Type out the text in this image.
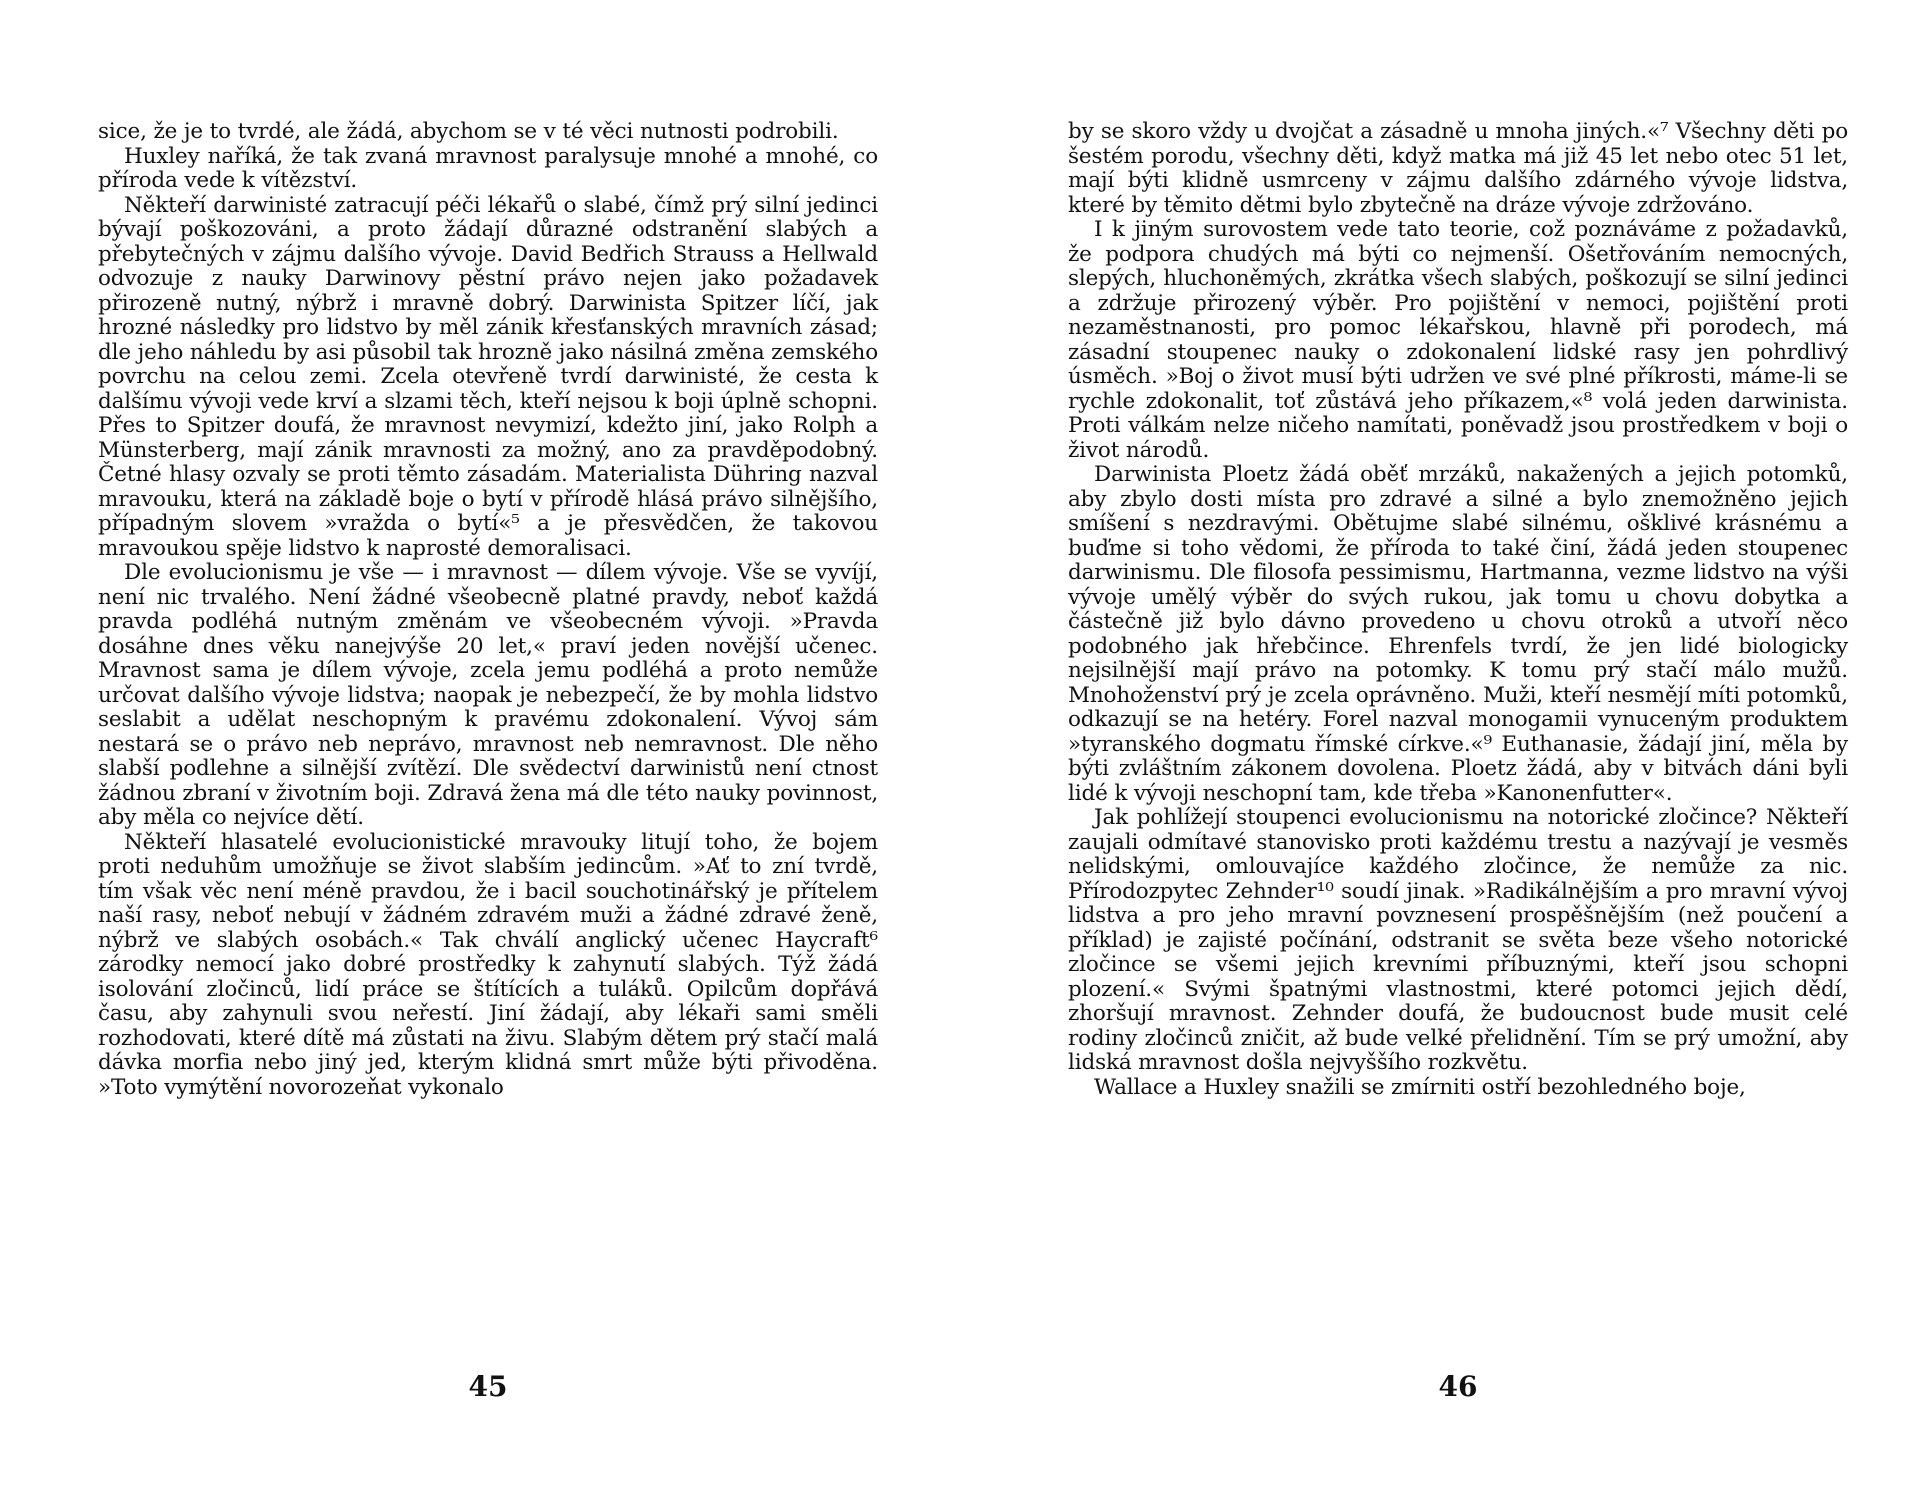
sice, že je to tvrdé, ale žádá, abychom se v té věci nutnosti podrobili.

Huxley naříká, že tak zvaná mravnost paralysuje mnohé a mnohé, co příroda vede k vítězství.

Někteří darwinisté zatracují péči lékařů o slabé, čímž prý silní jedinci bývají poškozováni, a proto žádají důrazné odstranění slabých a přebytečných v zájmu dalšího vývoje. David Bedřich Strauss a Hellwald odvozuje z nauky Darwinovy pěstní právo nejen jako požadavek přirozeně nutný, nýbrž i mravně dobrý. Darwinista Spitzer líčí, jak hrozné následky pro lidstvo by měl zánik křesťanských mravních zásad; dle jeho náhledu by asi působil tak hrozně jako násilná změna zemského povrchu na celou zemi. Zcela otevřeně tvrdí darwinisté, že cesta k dalšímu vývoji vede krví a slzami těch, kteří nejsou k boji úplně schopni. Přes to Spitzer doufá, že mravnost nevymizí, kdežto jiní, jako Rolph a Münsterberg, mají zánik mravnosti za možný, ano za pravděpodobný. Četné hlasy ozvaly se proti těmto zásadám. Materialista Dühring nazval mravouku, která na základě boje o bytí v přírodě hlásá právo silnějšího, případným slovem »vražda o bytí«⁵ a je přesvědčen, že takovou mravoukou spěje lidstvo k naprosté demoralisaci.

Dle evolucionismu je vše — i mravnost — dílem vývoje. Vše se vyvíjí, není nic trvalého. Není žádné všeobecně platné pravdy, neboť každá pravda podléhá nutným změnám ve všeobecném vývoji. »Pravda dosáhne dnes věku nanejvýše 20 let,« praví jeden novější učenec. Mravnost sama je dílem vývoje, zcela jemu podléhá a proto nemůže určovat dalšího vývoje lidstva; naopak je nebezpečí, že by mohla lidstvo seslabit a udělat neschopným k pravému zdokonalení. Vývoj sám nestará se o právo neb neprávo, mravnost neb nemravnost. Dle něho slabší podlehne a silnější zvítězí. Dle svědectví darwinistů není ctnost žádnou zbraní v životním boji. Zdravá žena má dle této nauky povinnost, aby měla co nejvíce dětí.

Někteří hlasatelé evolucionistické mravouky litují toho, že bojem proti neduhům umožňuje se život slabším jedincům. »Ať to zní tvrdě, tím však věc není méně pravdou, že i bacil souchotinářský je přítelem naší rasy, neboť nebují v žádném zdravém muži a žádné zdravé ženě, nýbrž ve slabých osobách.« Tak chválí anglický učenec Haycraft⁶ zárodky nemocí jako dobré prostředky k zahynutí slabých. Týž žádá isolování zločinců, lidí práce se štítících a tuláků. Opilcům dopřává času, aby zahynuli svou neřestí. Jiní žádají, aby lékaři sami směli rozhodovati, které dítě má zůstati na živu. Slabým dětem prý stačí malá dávka morfia nebo jiný jed, kterým klidná smrt může býti přivoděna. »Toto vymýtění novorozeňat vykonalo

45

by se skoro vždy u dvojčat a zásadně u mnoha jiných.«⁷ Všechny děti po šestém porodu, všechny děti, když matka má již 45 let nebo otec 51 let, mají býti klidně usmrceny v zájmu dalšího zdárného vývoje lidstva, které by těmito dětmi bylo zbytečně na dráze vývoje zdržováno.

I k jiným surovostem vede tato teorie, což poznáváme z požadavků, že podpora chudých má býti co nejmenší. Ošetřováním nemocných, slepých, hluchoněmých, zkrátka všech slabých, poškozují se silní jedinci a zdržuje přirozený výběr. Pro pojištění v nemoci, pojištění proti nezaměstnanosti, pro pomoc lékařskou, hlavně při porodech, má zásadní stoupenec nauky o zdokonalení lidské rasy jen pohrdlivý úsměch. »Boj o život musí býti udržen ve své plné příkrosti, máme-li se rychle zdokonalit, toť zůstává jeho příkazem,«⁸ volá jeden darwinista. Proti válkám nelze ničeho namítati, poněvadž jsou prostředkem v boji o život národů.

Darwinista Ploetz žádá oběť mrzáků, nakažených a jejich potomků, aby zbylo dosti místa pro zdravé a silné a bylo znemožněno jejich smíšení s nezdravými. Obětujme slabé silnému, ošklivé krásnému a buďme si toho vědomi, že příroda to také činí, žádá jeden stoupenec darwinismu. Dle filosofa pessimismu, Hartmanna, vezme lidstvo na výši vývoje umělý výběr do svých rukou, jak tomu u chovu dobytka a částečně již bylo dávno provedeno u chovu otroků a utvoří něco podobného jak hřebčince. Ehrenfels tvrdí, že jen lidé biologicky nejsilnější mají právo na potomky. K tomu prý stačí málo mužů. Mnohoženství prý je zcela oprávněno. Muži, kteří nesmějí míti potomků, odkazují se na hetéry. Forel nazval monogamii vynuceným produktem »tyranského dogmatu římské církve.«⁹ Euthanasie, žádají jiní, měla by býti zvláštním zákonem dovolena. Ploetz žádá, aby v bitvách dáni byli lidé k vývoji neschopní tam, kde třeba »Kanonenfutter«.

Jak pohlížejí stoupenci evolucionismu na notorické zločince? Někteří zaujali odmítavé stanovisko proti každému trestu a nazývají je vesměs nelidskými, omlouvajíce každého zločince, že nemůže za nic. Přírodozpytec Zehnder¹⁰ soudí jinak. »Radikálnějším a pro mravní vývoj lidstva a pro jeho mravní povznesení prospěšnějším (než poučení a příklad) je zajisté počínání, odstranit se světa beze všeho notorické zločince se všemi jejich krevními příbuznými, kteří jsou schopni plození.« Svými špatnými vlastnostmi, které potomci jejich dědí, zhoršují mravnost. Zehnder doufá, že budoucnost bude musit celé rodiny zločinců zničit, až bude velké přelidnění. Tím se prý umožní, aby lidská mravnost došla nejvyššího rozkvětu.

Wallace a Huxley snažili se zmírniti ostří bezohledného boje,

46
